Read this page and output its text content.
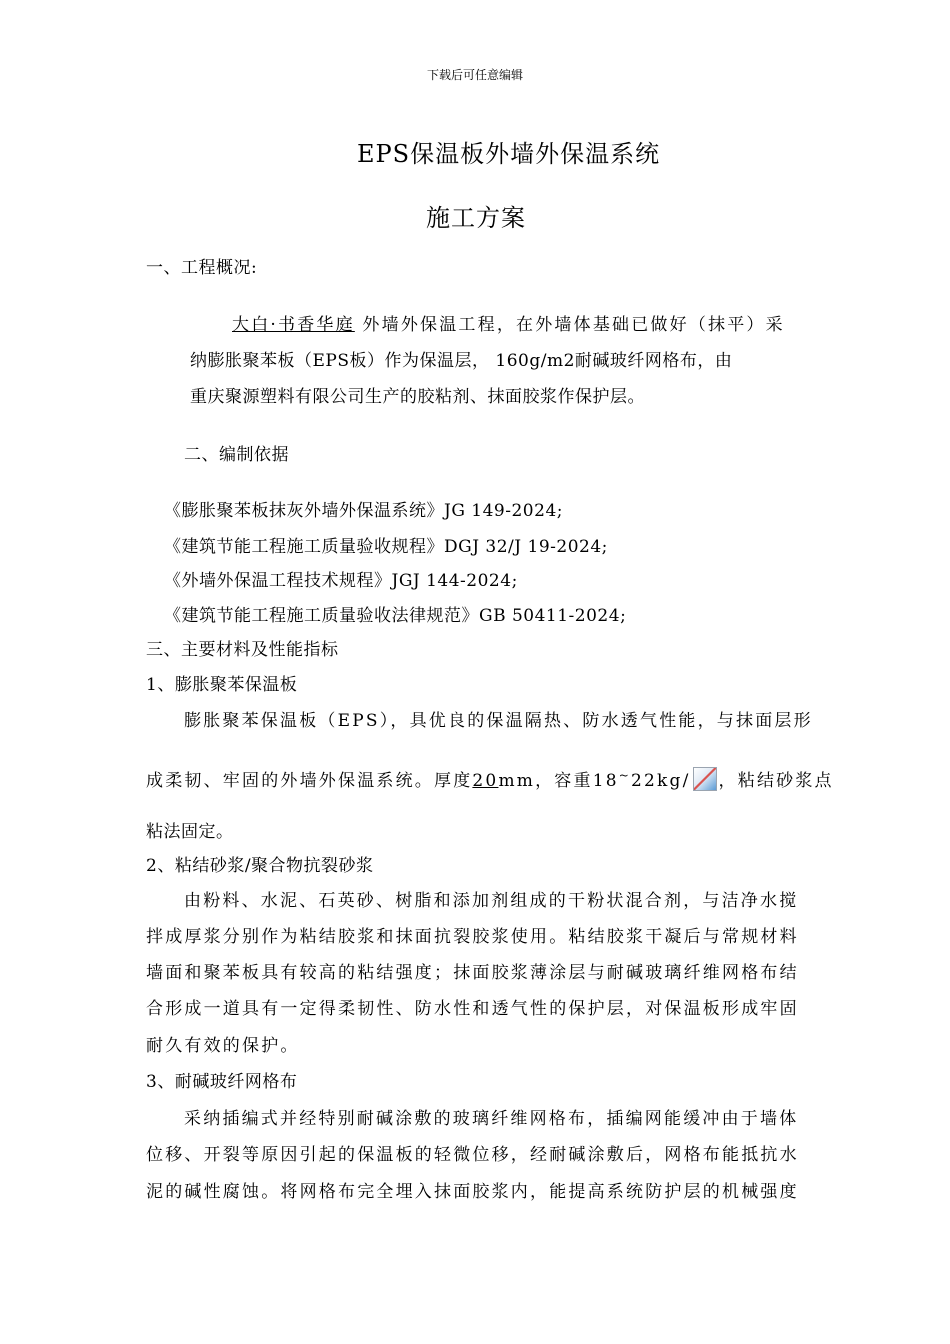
下载后可任意编辑
EPS保温板外墙外保温系统
施工方案
一、工程概况:
大白·书香华庭 外墙外保温工程，在外墙体基础已做好（抹平）采
纳膨胀聚苯板（EPS板）作为保温层， 160g/m2耐碱玻纤网格布，由
重庆聚源塑料有限公司生产的胶粘剂、抹面胶浆作保护层。
二、编制依据
《膨胀聚苯板抹灰外墙外保温系统》JG 149-2024;
《建筑节能工程施工质量验收规程》DGJ 32/J 19-2024;
《外墙外保温工程技术规程》JGJ 144-2024;
《建筑节能工程施工质量验收法律规范》GB 50411-2024;
三、主要材料及性能指标
1、膨胀聚苯保温板
膨胀聚苯保温板（EPS），具优良的保温隔热、防水透气性能，与抹面层形
成柔韧、牢固的外墙外保温系统。厚度20mm，容重18~22kg/ ，粘结砂浆点
粘法固定。
2、粘结砂浆/聚合物抗裂砂浆
由粉料、水泥、石英砂、树脂和添加剂组成的干粉状混合剂，与洁净水搅
拌成厚浆分别作为粘结胶浆和抹面抗裂胶浆使用。粘结胶浆干凝后与常规材料
墙面和聚苯板具有较高的粘结强度；抹面胶浆薄涂层与耐碱玻璃纤维网格布结
合形成一道具有一定得柔韧性、防水性和透气性的保护层，对保温板形成牢固
耐久有效的保护。
3、耐碱玻纤网格布
采纳插编式并经特别耐碱涂敷的玻璃纤维网格布，插编网能缓冲由于墙体
位移、开裂等原因引起的保温板的轻微位移，经耐碱涂敷后，网格布能抵抗水
泥的碱性腐蚀。将网格布完全埋入抹面胶浆内，能提高系统防护层的机械强度
